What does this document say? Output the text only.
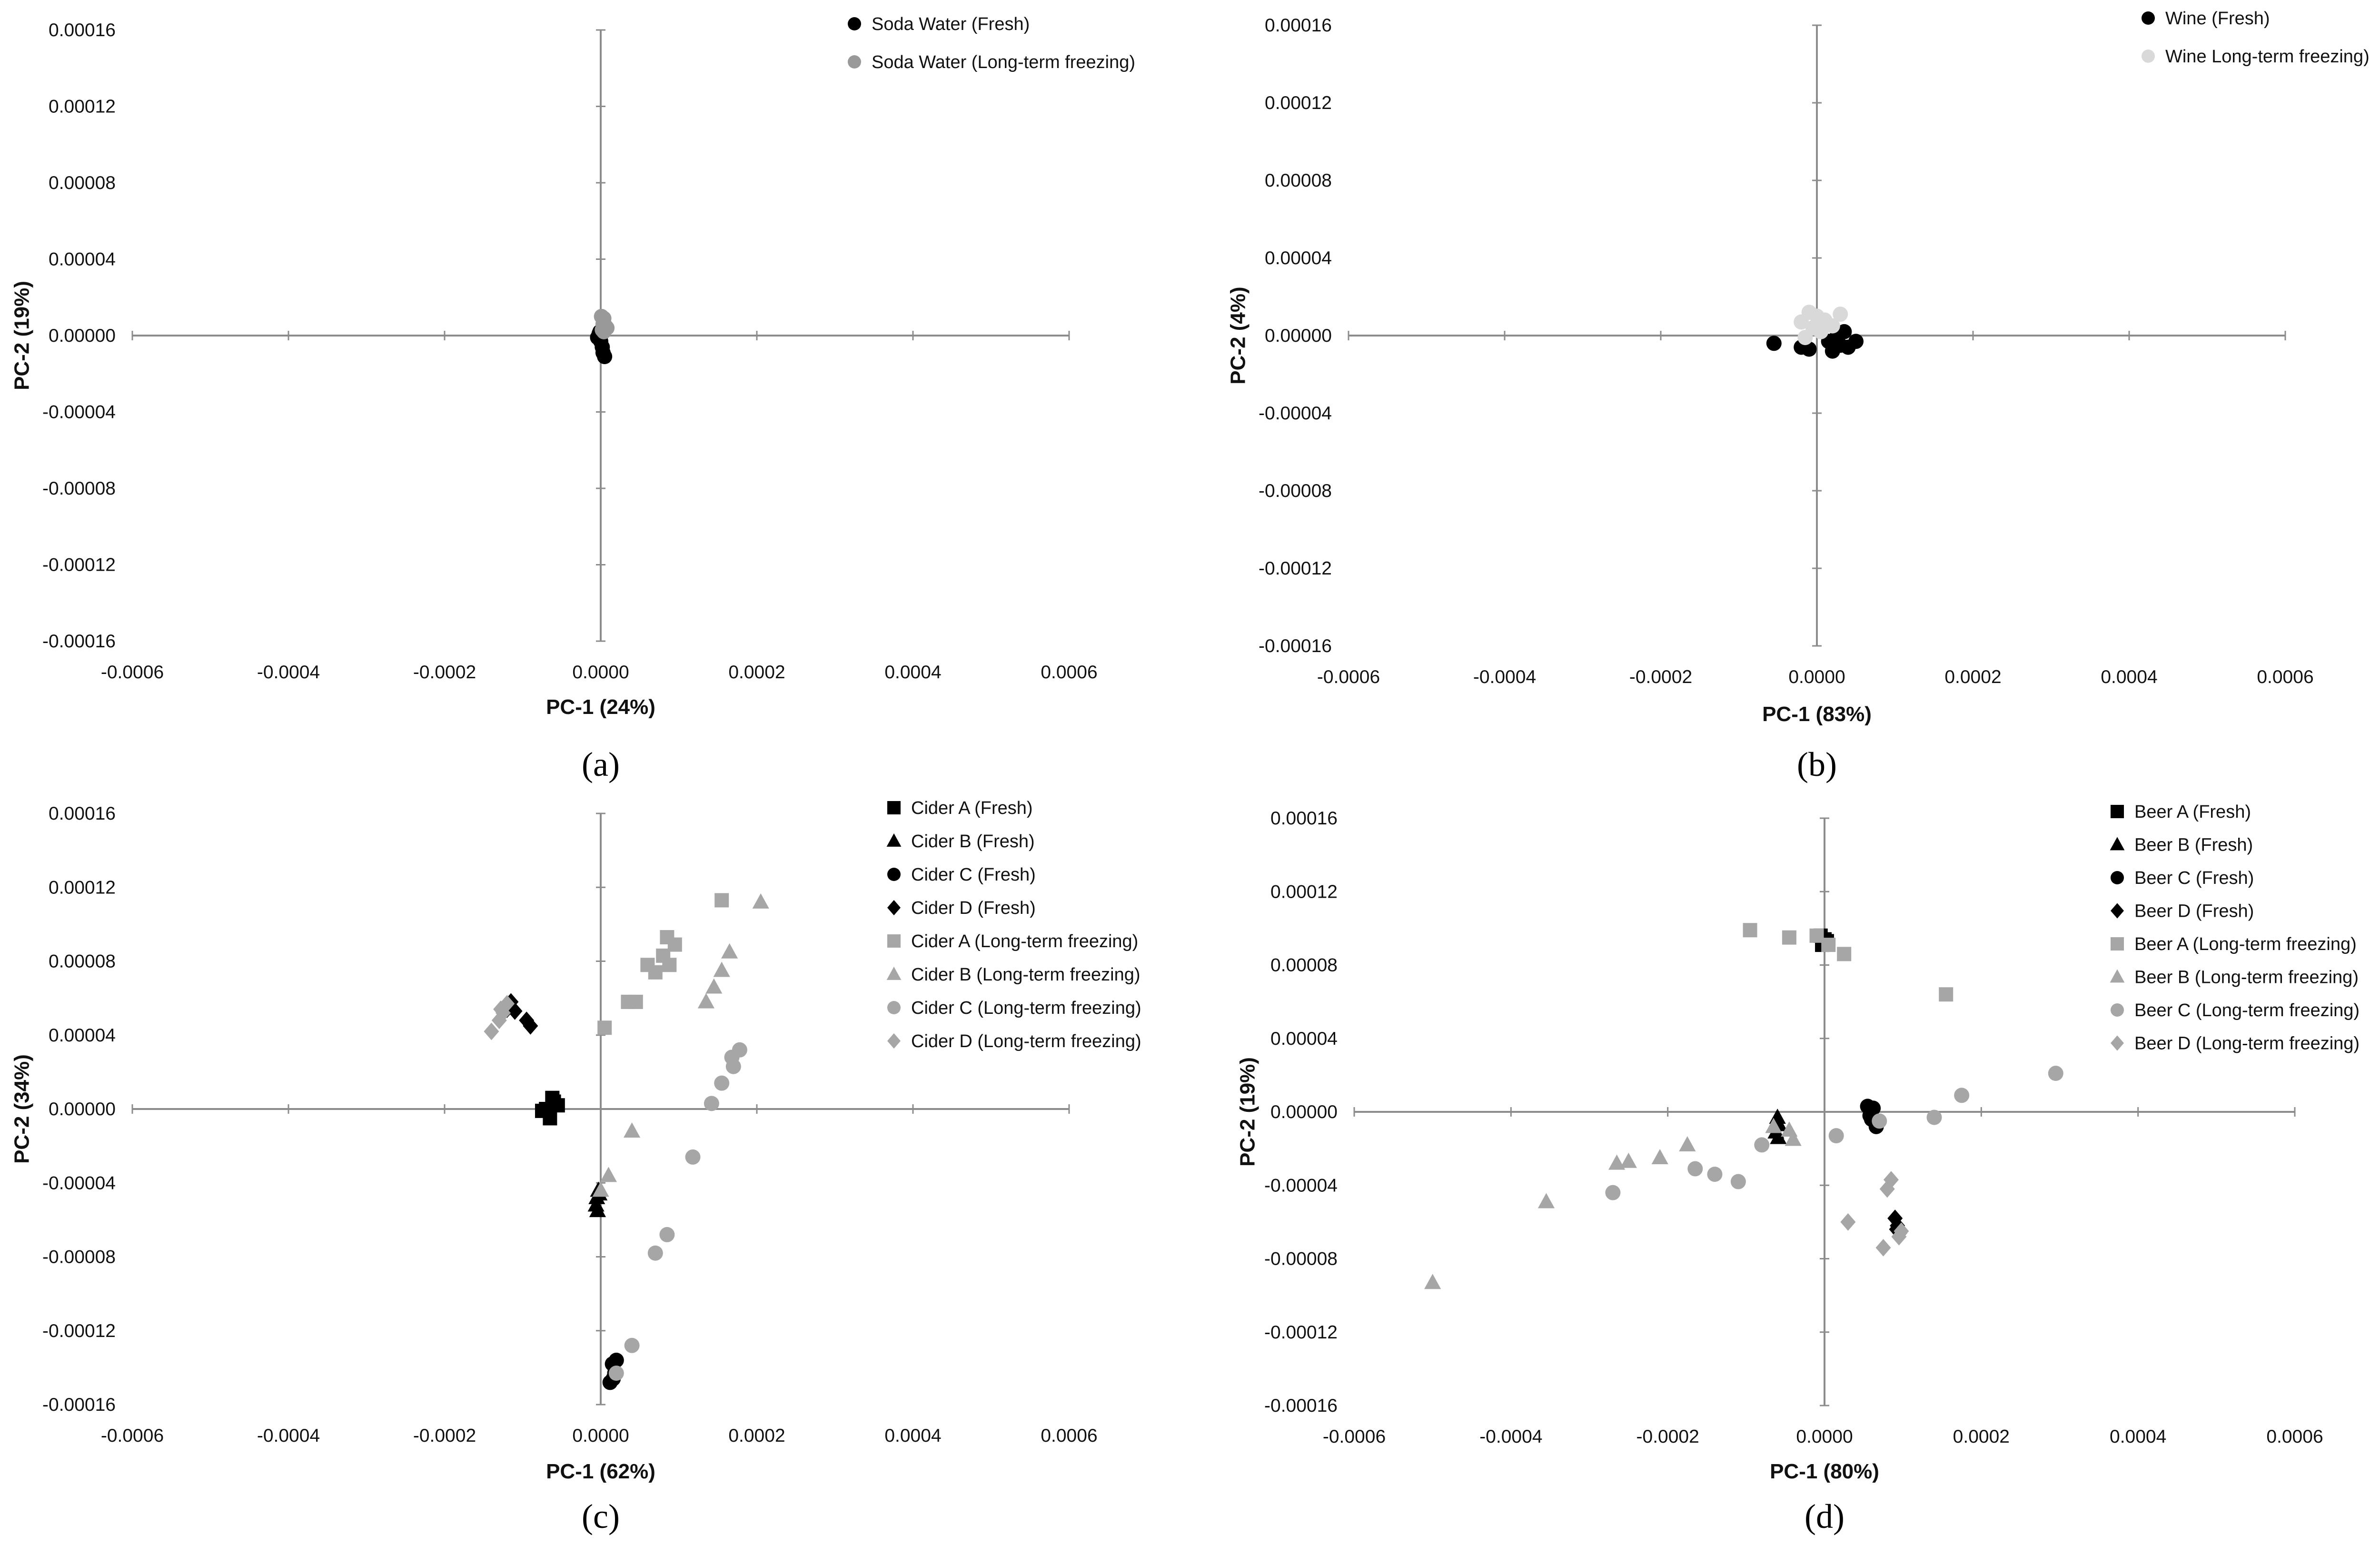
-0.0006	-0.0004	-0.0002	0.0000	0.0002	0.0004	0.0006
0.00016
0.00012
0.00008
0.00004
0.00000
-0.00004
-0.00008
-0.00012
-0.00016
PC-1 (24%)
PC-2 (19%)
(a)
Soda Water (Fresh)
Soda Water (Long-term freezing)
-0.0006	-0.0004	-0.0002	0.0000	0.0002	0.0004	0.0006
0.00016
0.00012
0.00008
0.00004
0.00000
-0.00004
-0.00008
-0.00012
-0.00016
PC-1 (83%)
PC-2 (4%)
(b)
Wine (Fresh)
Wine Long-term freezing)
-0.0006	-0.0004	-0.0002	0.0000	0.0002	0.0004	0.0006
0.00016
0.00012
0.00008
0.00004
0.00000
-0.00004
-0.00008
-0.00012
-0.00016
PC-1 (62%)
PC-2 (34%)
(c)
Cider A (Fresh)
Cider B (Fresh)
Cider C (Fresh)
Cider D (Fresh)
Cider A (Long-term freezing)
Cider B (Long-term freezing)
Cider C (Long-term freezing)
Cider D (Long-term freezing)
-0.0006	-0.0004	-0.0002	0.0000	0.0002	0.0004	0.0006
0.00016
0.00012
0.00008
0.00004
0.00000
-0.00004
-0.00008
-0.00012
-0.00016
PC-1 (80%)
PC-2 (19%)
(d)
Beer A (Fresh)
Beer B (Fresh)
Beer C (Fresh)
Beer D (Fresh)
Beer A (Long-term freezing)
Beer B (Long-term freezing)
Beer C (Long-term freezing)
Beer D (Long-term freezing)
